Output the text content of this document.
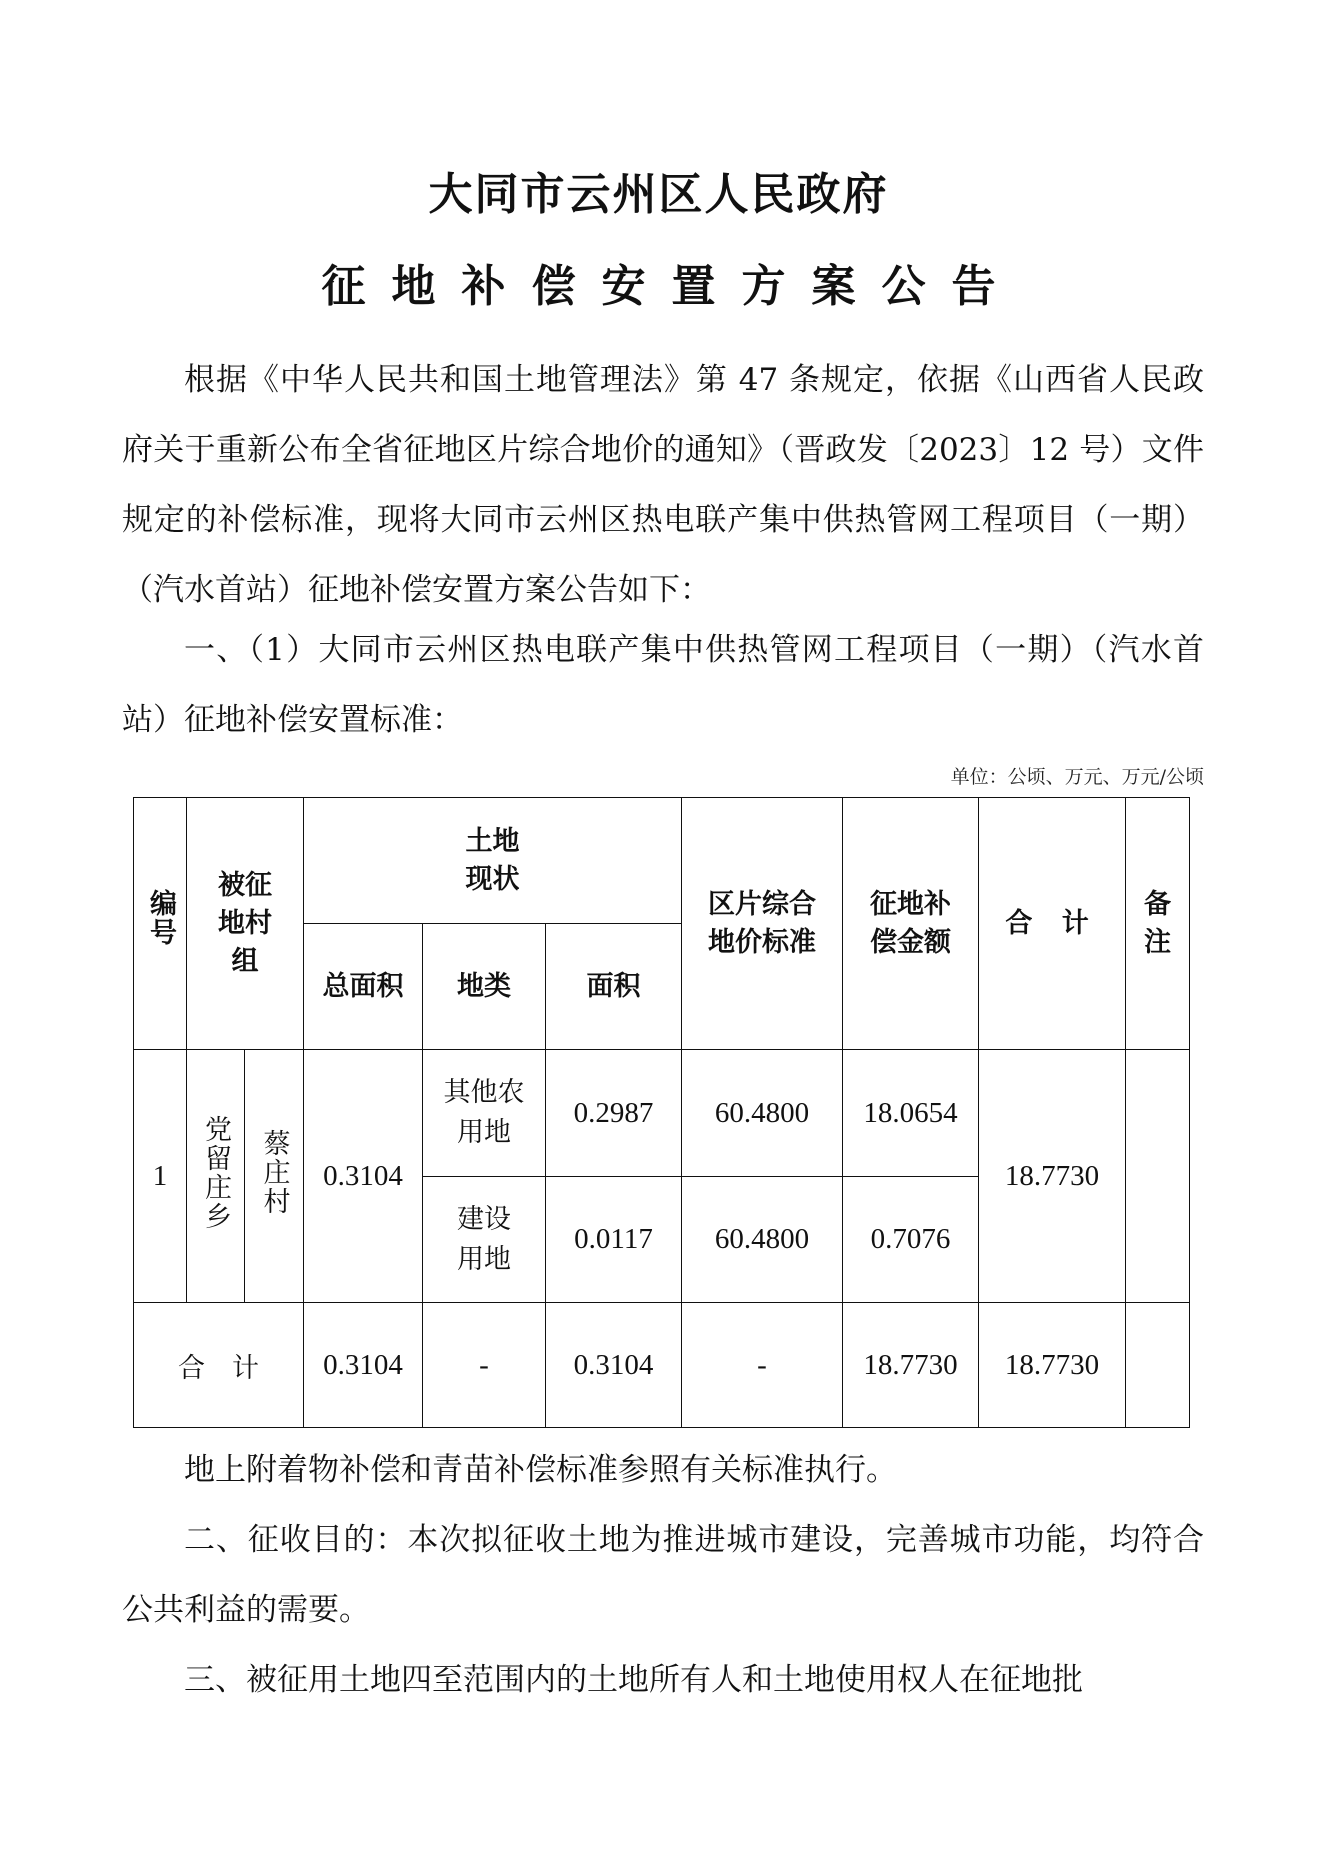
大同市云州区人民政府
征地补偿安置方案公告

根据《中华人民共和国土地管理法》第 47 条规定，依据《山西省人民政府关于重新公布全省征地区片综合地价的通知》（晋政发〔2023〕12 号）文件规定的补偿标准，现将大同市云州区热电联产集中供热管网工程项目（一期）（汽水首站）征地补偿安置方案公告如下：

一、（1）大同市云州区热电联产集中供热管网工程项目（一期）（汽水首站）征地补偿安置标准：

单位：公顷、万元、万元/公顷
编号	被征地村组		土地现状			区片综合地价标准	征地补偿金额	合 计	备注

			总面积	地类	面积				
1	党留庄乡	蔡庄村	0.3104	其他农用地	0.2987	60.4800	18.0654	18.7730	

				建设用地	0.0117	60.4800	0.7076		
合　计			0.3104	-	0.3104	-	18.7730	18.7730	

地上附着物补偿和青苗补偿标准参照有关标准执行。

二、征收目的：本次拟征收土地为推进城市建设，完善城市功能，均符合公共利益的需要。

三、被征用土地四至范围内的土地所有人和土地使用权人在征地批
